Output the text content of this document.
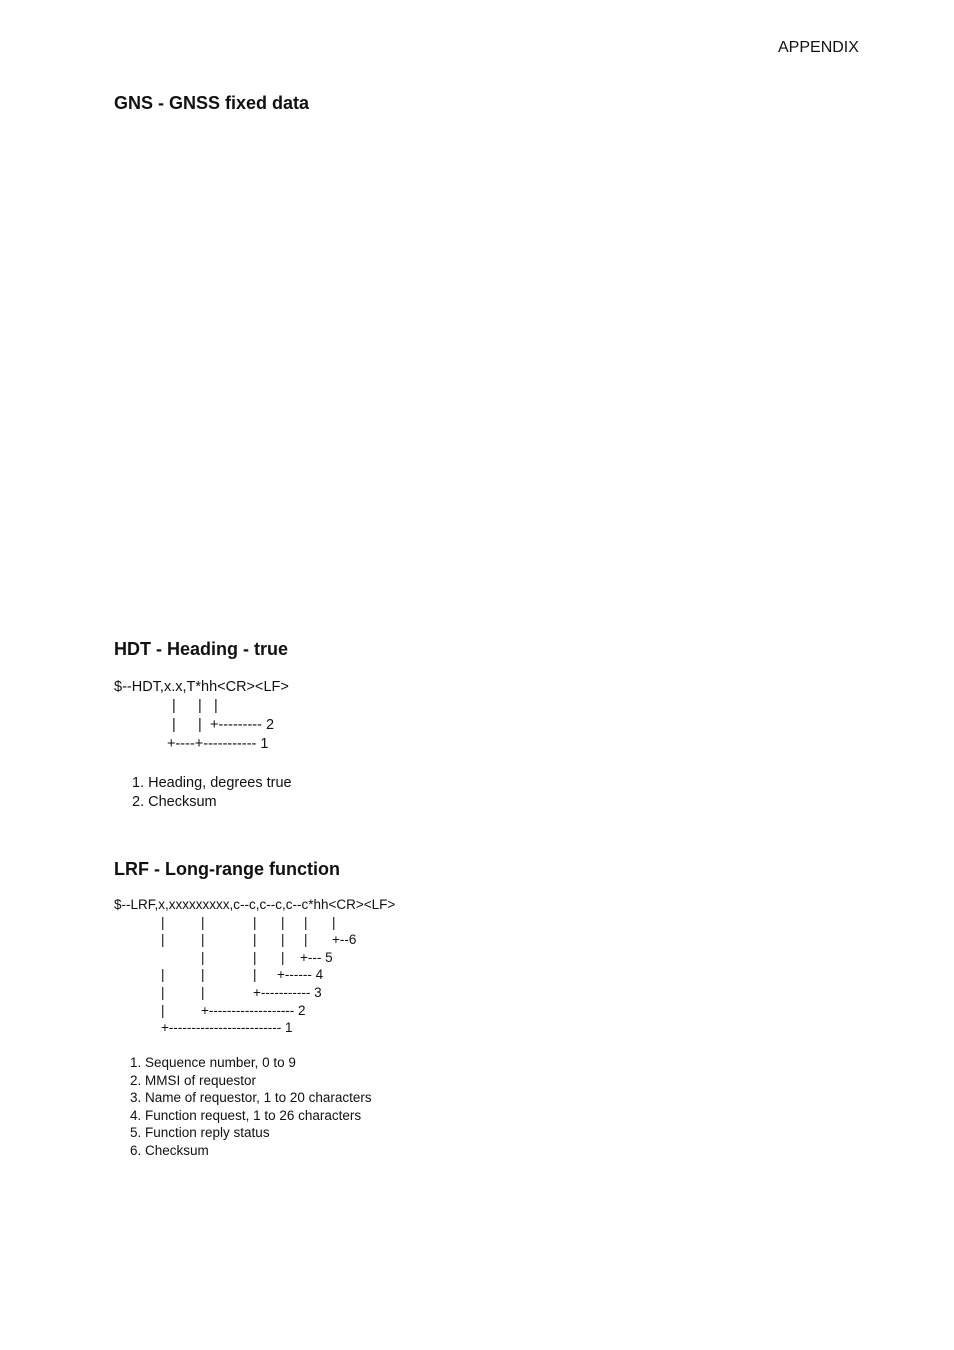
APPENDIX
GNS - GNSS fixed data
HDT - Heading - true
$--HDT,x.x,T*hh<CR><LF>
| | |
| | +--------- 2
+----+----------- 1
1. Heading, degrees true
2. Checksum
LRF - Long-range function
$--LRF,x,xxxxxxxxx,c--c,c--c,c--c*hh<CR><LF>
|	|	| | | |
|	|	| | | +--6
|	| | +--- 5
|	|	| +------ 4
|	|	+----------- 3
|	+------------------- 2
+------------------------- 1
1. Sequence number, 0 to 9
2. MMSI of requestor
3. Name of requestor, 1 to 20 characters
4. Function request, 1 to 26 characters
5. Function reply status
6. Checksum
